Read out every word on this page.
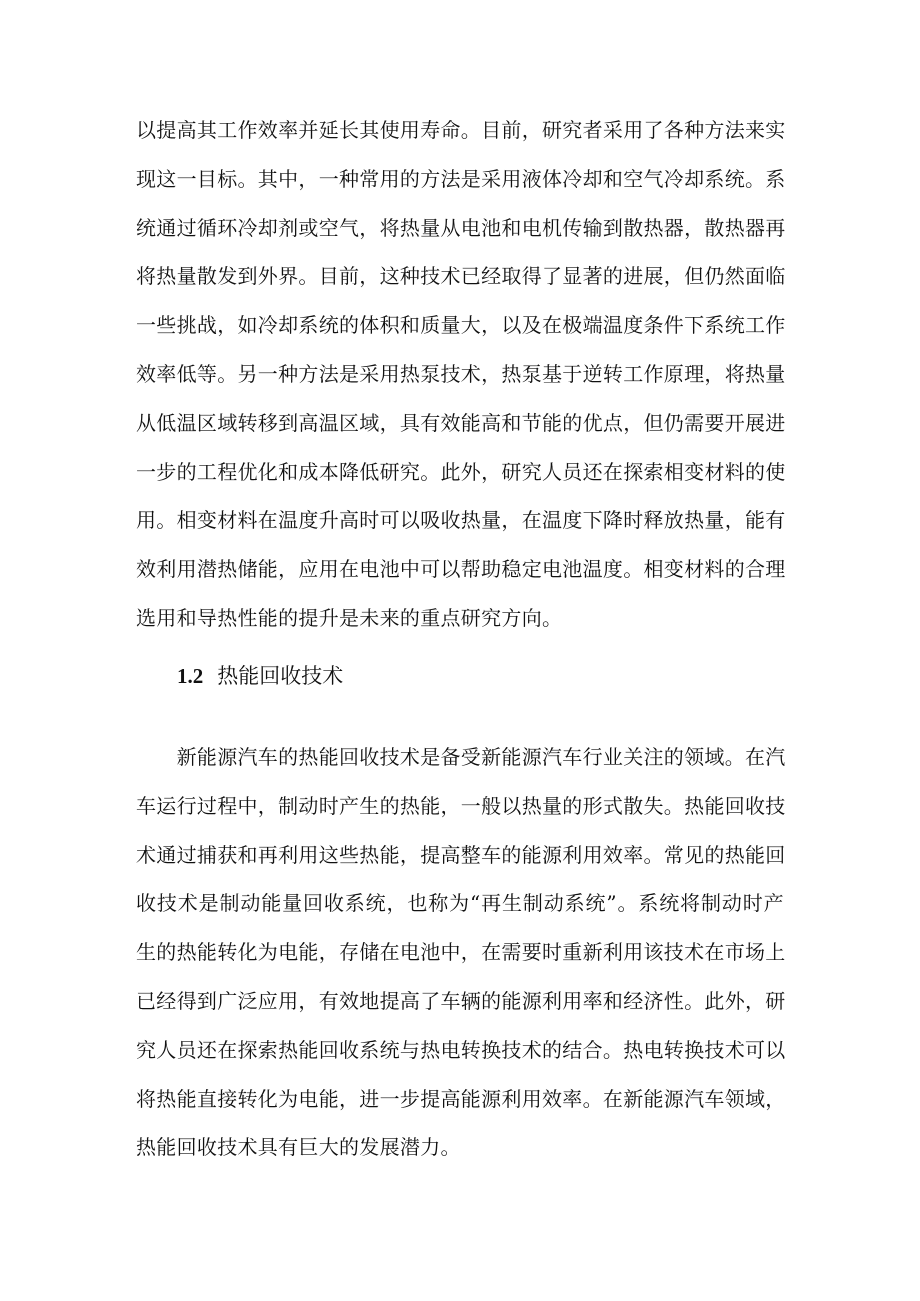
以提高其工作效率并延长其使用寿命。目前，研究者采用了各种方法来实
现这一目标。其中，一种常用的方法是采用液体冷却和空气冷却系统。系
统通过循环冷却剂或空气，将热量从电池和电机传输到散热器，散热器再
将热量散发到外界。目前，这种技术已经取得了显著的进展，但仍然面临
一些挑战，如冷却系统的体积和质量大，以及在极端温度条件下系统工作
效率低等。另一种方法是采用热泵技术，热泵基于逆转工作原理，将热量
从低温区域转移到高温区域，具有效能高和节能的优点，但仍需要开展进
一步的工程优化和成本降低研究。此外，研究人员还在探索相变材料的使
用。相变材料在温度升高时可以吸收热量，在温度下降时释放热量，能有
效利用潜热储能，应用在电池中可以帮助稳定电池温度。相变材料的合理
选用和导热性能的提升是未来的重点研究方向。
1.2 热能回收技术
　　新能源汽车的热能回收技术是备受新能源汽车行业关注的领域。在汽
车运行过程中，制动时产生的热能，一般以热量的形式散失。热能回收技
术通过捕获和再利用这些热能，提高整车的能源利用效率。常见的热能回
收技术是制动能量回收系统，也称为“再生制动系统”。系统将制动时产
生的热能转化为电能，存储在电池中，在需要时重新利用该技术在市场上
已经得到广泛应用，有效地提高了车辆的能源利用率和经济性。此外，研
究人员还在探索热能回收系统与热电转换技术的结合。热电转换技术可以
将热能直接转化为电能，进一步提高能源利用效率。在新能源汽车领域，
热能回收技术具有巨大的发展潜力。
